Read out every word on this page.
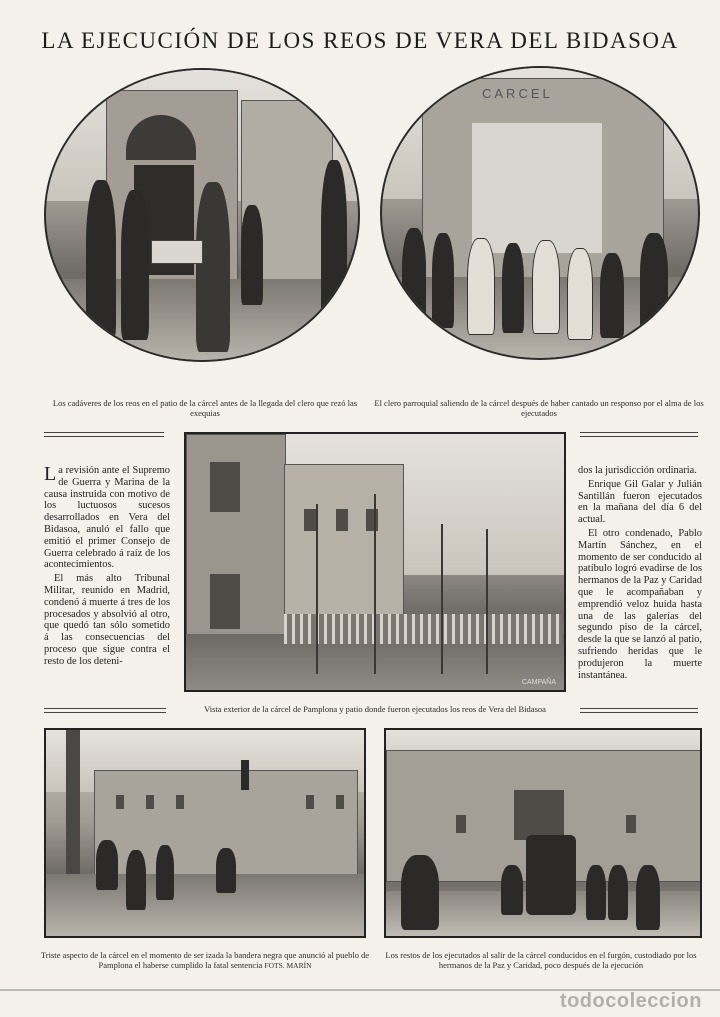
LA EJECUCIÓN DE LOS REOS DE VERA DEL BIDASOA
CARCEL
Los cadáveres de los reos en el patio de la cárcel antes de la llegada del clero que rezó las exequias
El clero parroquial saliendo de la cárcel después de haber cantado un responso por el alma de los ejecutados

La revisión ante el Supremo de Guerra y Marina de la causa instruida con motivo de los luctuosos sucesos desarrollados en Vera del Bidasoa, anuló el fallo que emitió el primer Consejo de Guerra celebrado á raíz de los acontecimientos.

El más alto Tribunal Militar, reunido en Madrid, condenó á muerte á tres de los procesados y absolvió al otro, que quedó tan sólo sometido á las consecuencias del proceso que sigue contra el resto de los deteni-

CAMPAÑA

dos la jurisdicción ordinaria.

Enrique Gil Galar y Julián Santillán fueron ejecutados en la mañana del día 6 del actual.

El otro condenado, Pablo Martín Sánchez, en el momento de ser conducido al patíbulo logró evadirse de los hermanos de la Paz y Caridad que le acompañaban y emprendió veloz huída hasta una de las galerías del segundo piso de la cárcel, desde la que se lanzó al patio, sufriendo heridas que le produjeron la muerte instantánea.

Vista exterior de la cárcel de Pamplona y patio donde fueron ejecutados los reos de Vera del Bidasoa
Triste aspecto de la cárcel en el momento de ser izada la bandera negra que anunció al pueblo de Pamplona el haberse cumplido la fatal sentencia FOTS. MARÍN
Los restos de los ejecutados al salir de la cárcel conducidos en el furgón, custodiado por los hermanos de la Paz y Caridad, poco después de la ejecución
todocoleccion
